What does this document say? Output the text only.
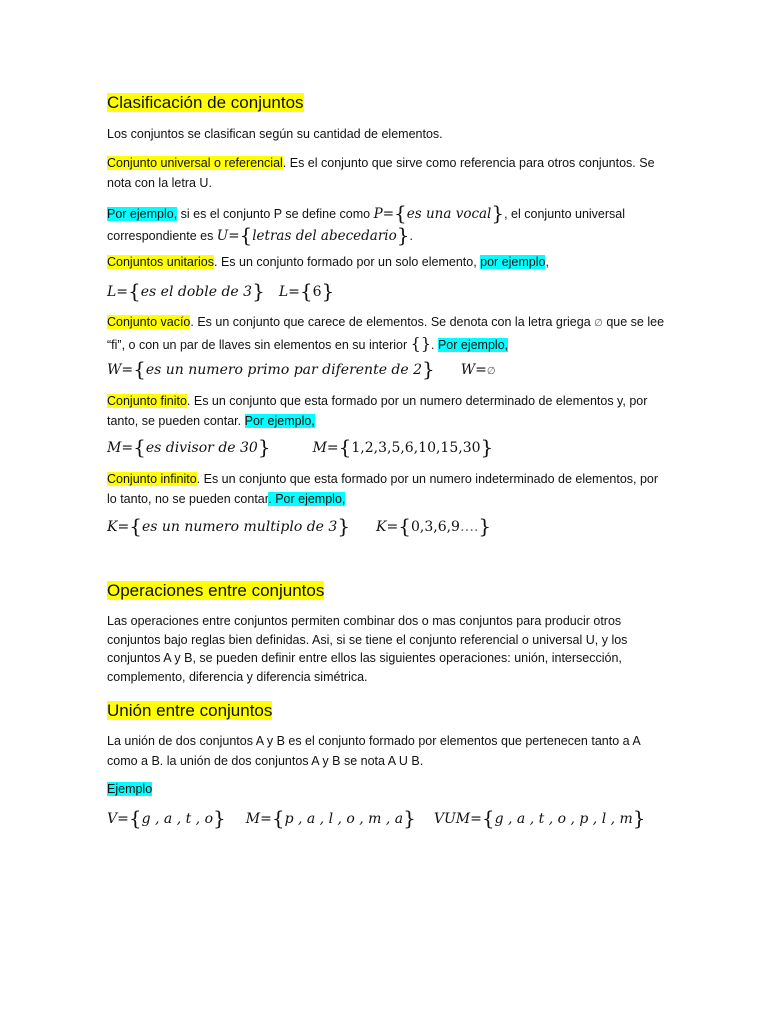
Clasificación de conjuntos
Los conjuntos se clasifican según su cantidad de elementos.
Conjunto universal o referencial. Es el conjunto que sirve como referencia para otros conjuntos. Se nota con la letra U.
Por ejemplo, si es el conjunto P se define como P={es una vocal}, el conjunto universal correspondiente es U={letras del abecedario}.
Conjuntos unitarios. Es un conjunto formado por un solo elemento, por ejemplo,
L={es el doble de 3} L={6}
Conjunto vacío. Es un conjunto que carece de elementos. Se denota con la letra griega ∅ que se lee “fi”, o con un par de llaves sin elementos en su interior {}. Por ejemplo,
W={es un numero primo par diferente de 2} W=∅
Conjunto finito. Es un conjunto que esta formado por un numero determinado de elementos y, por tanto, se pueden contar. Por ejemplo,
M={es divisor de 30}	M={1,2,3,5,6,10,15,30}
Conjunto infinito. Es un conjunto que esta formado por un numero indeterminado de elementos, por lo tanto, no se pueden contar. Por ejemplo,
K={es un numero multiplo de 3} K={0,3,6,9….}
Operaciones entre conjuntos
Las operaciones entre conjuntos permiten combinar dos o mas conjuntos para producir otros conjuntos bajo reglas bien definidas. Asi, si se tiene el conjunto referencial o universal U, y los conjuntos A y B, se pueden definir entre ellos las siguientes operaciones: unión, intersección, complemento, diferencia y diferencia simétrica.
Unión entre conjuntos
La unión de dos conjuntos A y B es el conjunto formado por elementos que pertenecen tanto a A como a B. la unión de dos conjuntos A y B se nota A U B.
Ejemplo
V={g , a , t , o} M={p , a , l , o , m , a} VUM={g , a , t , o , p , l , m}
